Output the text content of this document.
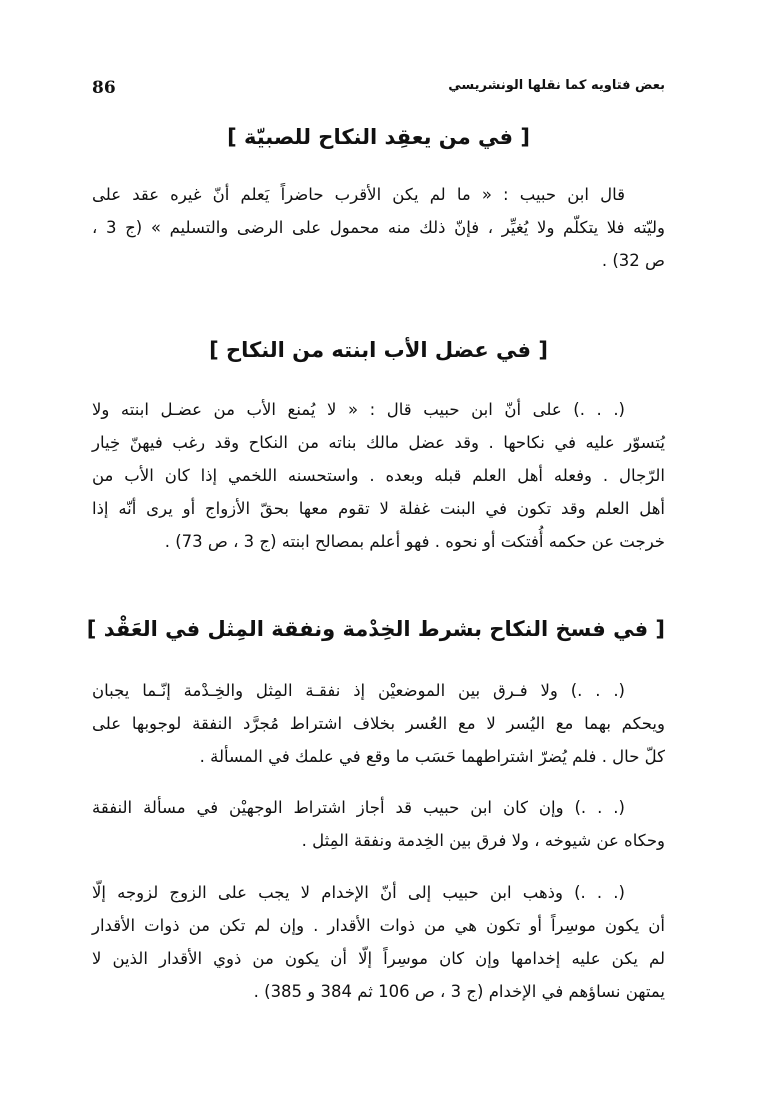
86	بعض فتاويه كما نقلها الونشريسي
[ في من يعقِد النكاح للصبيّة ]
قال ابن حبيب : « ما لم يكن الأقرب حاضراً يَعلم أنّ غيره عقد على
وليّته فلا يتكلّم ولا يُغيِّر ، فإنّ ذلك منه محمول على الرضى والتسليم » (ج 3 ،
ص 32) .
[ في عضل الأب ابنته من النكاح ]
(. . .) على أنّ ابن حبيب قال : « لا يُمنع الأب من عضـل ابنته ولا
يُتسوّر عليه في نكاحها . وقد عضل مالك بناته من النكاح وقد رغب فيهنّ خِيار
الرّجال . وفعله أهل العلم قبله وبعده . واستحسنه اللخمي إذا كان الأب من
أهل العلم وقد تكون في البنت غفلة لا تقوم معها بحقّ الأزواج أو يرى أنّه إذا
خرجت عن حكمه أُفتكت أو نحوه . فهو أعلم بمصالح ابنته (ج 3 ، ص 73) .
[ في فسخ النكاح بشرط الخِدْمة ونفقة المِثل في العَقْد ]
(. . .) ولا فـرق بين الموضعيْن إذ نفقـة المِثل والخِـدْمة إنّـما يجبان
ويحكم بهما مع اليُسر لا مع العُسر بخلاف اشتراط مُجرَّد النفقة لوجوبها على
كلّ حال . فلم يُضرّ اشتراطهما حَسَب ما وقع في علمك في المسألة .
(. . .) وإن كان ابن حبيب قد أجاز اشتراط الوجهيْن في مسألة النفقة
وحكاه عن شيوخه ، ولا فرق بين الخِدمة ونفقة المِثل .
(. . .) وذهب ابن حبيب إلى أنّ الإخدام لا يجب على الزوج لزوجه إلّا
أن يكون موسِراً أو تكون هي من ذوات الأقدار . وإن لم تكن من ذوات الأقدار
لم يكن عليه إخدامها وإن كان موسِراً إلّا أن يكون من ذوي الأقدار الذين لا
يمتهن نساؤهم في الإخدام (ج 3 ، ص 106 ثم 384 و 385) .
